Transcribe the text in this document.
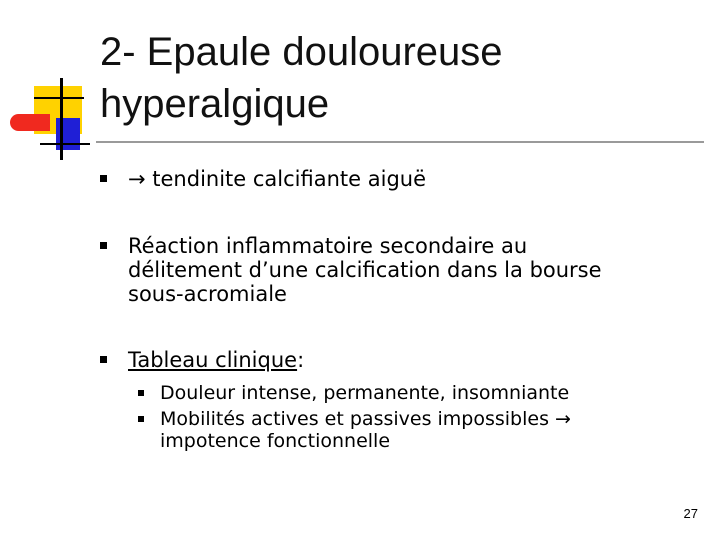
2- Epaule douloureuse
hyperalgique
→ tendinite calcifiante aiguë
Réaction inflammatoire secondaire au
délitement d’une calcification dans la bourse
sous-acromiale
Tableau clinique:
Douleur intense, permanente, insomniante
Mobilités actives et passives impossibles →
impotence fonctionnelle
27
